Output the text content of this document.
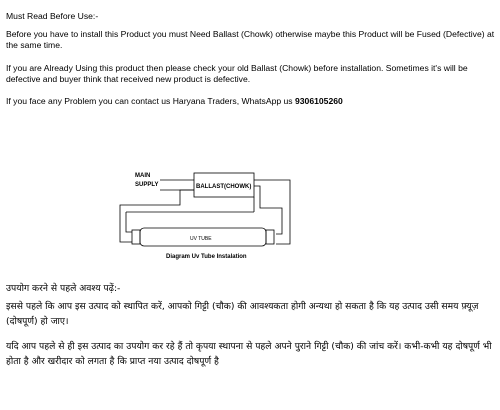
Must Read Before Use:-
Before you have to install this Product you must Need Ballast (Chowk) otherwise maybe this Product will be Fused (Defective) at the same time.
If you are Already Using this product then please check your old Ballast (Chowk) before installation. Sometimes it's will be defective and buyer think that received new product is defective.
If you face any Problem you can contact us Haryana Traders, WhatsApp us 9306105260
MAIN
SUPPLY	BALLAST(CHOWK)
UV TUBE
Diagram Uv Tube Instalation
उपयोग करने से पहले अवश्य पढ़ें:-
इससे पहले कि आप इस उत्पाद को स्थापित करें, आपको गिट्टी (चौक) की आवश्यकता होगी अन्यथा हो सकता है कि यह उत्पाद उसी समय फ़्यूज़ (दोषपूर्ण) हो जाए।
यदि आप पहले से ही इस उत्पाद का उपयोग कर रहे हैं तो कृपया स्थापना से पहले अपने पुराने गिट्टी (चौक) की जांच करें। कभी-कभी यह दोषपूर्ण भी होता है और खरीदार को लगता है कि प्राप्त नया उत्पाद दोषपूर्ण है
